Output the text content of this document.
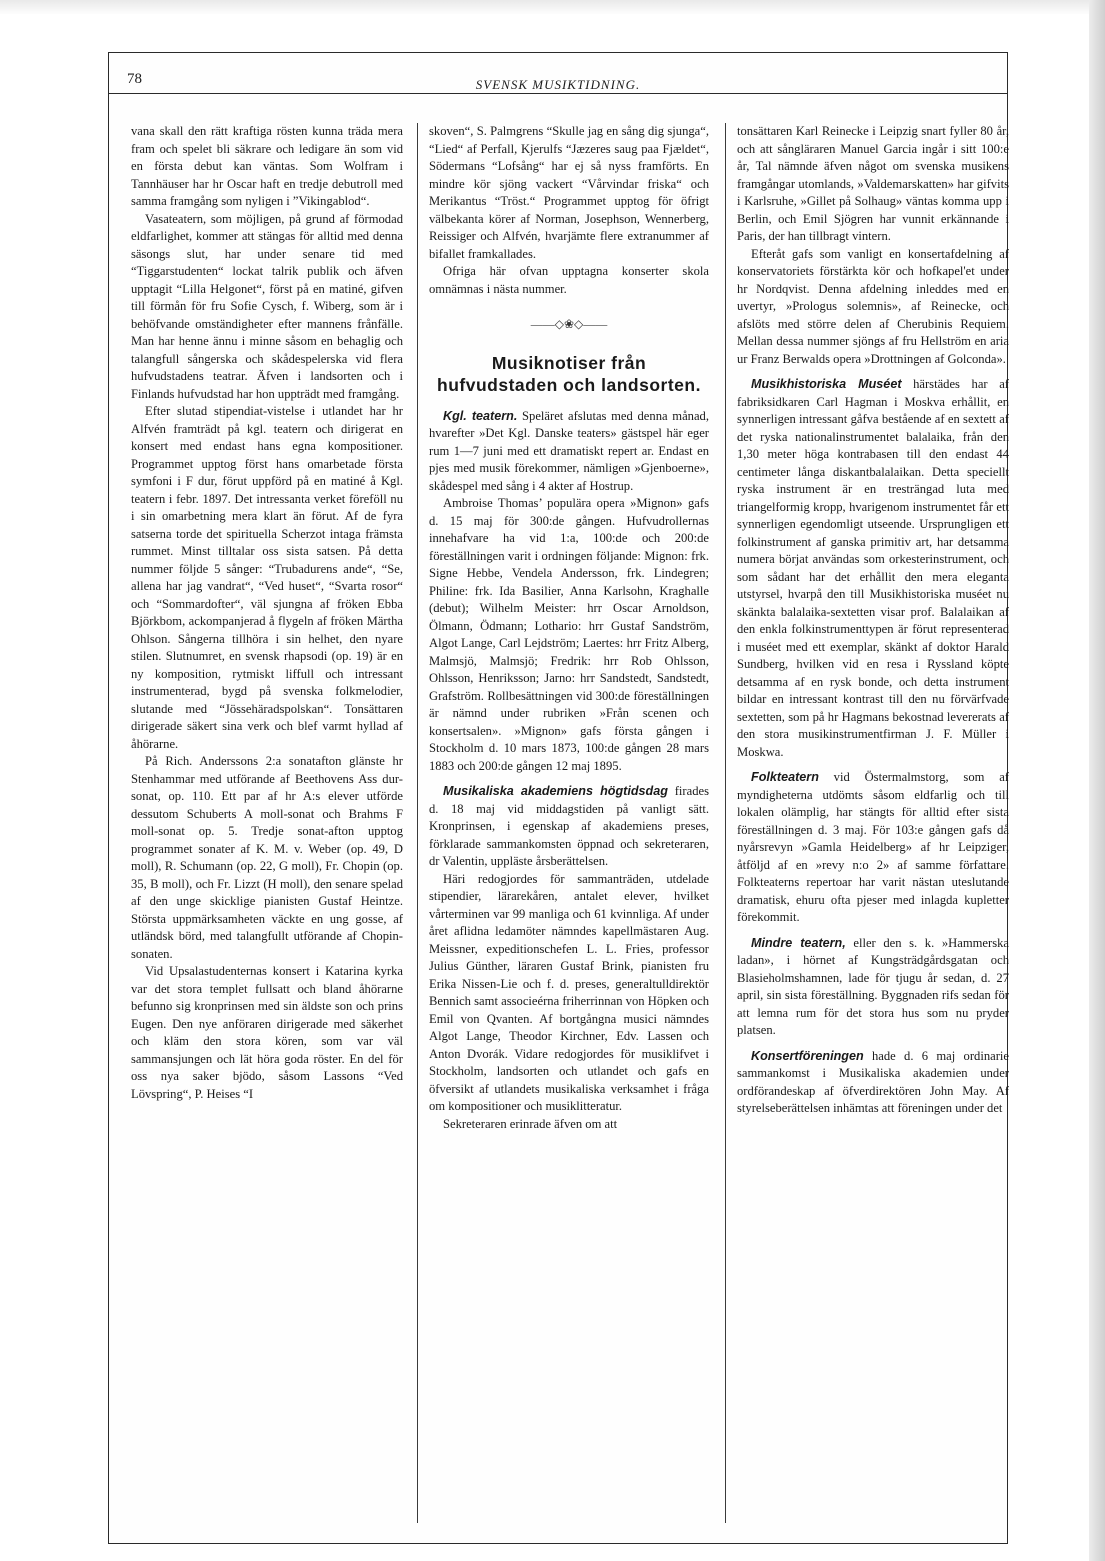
78	SVENSK MUSIKTIDNING.

vana skall den rätt kraftiga rösten kunna träda mera fram och spelet bli säkrare och ledigare än som vid en första debut kan väntas. Som Wolfram i Tannhäuser har hr Oscar haft en tredje debutroll med samma framgång som nyligen i ”Vikingablod“.

Vasateatern, som möjligen, på grund af förmodad eldfarlighet, kommer att stängas för alltid med denna säsongs slut, har under senare tid med “Tiggarstudenten“ lockat talrik publik och äfven upptagit “Lilla Helgonet“, först på en matiné, gifven till förmån för fru Sofie Cysch, f. Wiberg, som är i behöfvande omständigheter efter mannens frånfälle. Man har henne ännu i minne såsom en behaglig och talangfull sångerska och skådespelerska vid flera hufvudstadens teatrar. Äfven i landsorten och i Finlands hufvudstad har hon uppträdt med framgång.

Efter slutad stipendiat-vistelse i utlandet har hr Alfvén framträdt på kgl. teatern och dirigerat en konsert med endast hans egna kompositioner. Programmet upptog först hans omarbetade första symfoni i F dur, förut uppförd på en matiné å Kgl. teatern i febr. 1897. Det intressanta verket föreföll nu i sin omarbetning mera klart än förut. Af de fyra satserna torde det spirituella Scherzot intaga främsta rummet. Minst tilltalar oss sista satsen. På detta nummer följde 5 sånger: “Trubadurens ande“, “Se, allena har jag vandrat“, “Ved huset“, “Svarta rosor“ och “Sommardofter“, väl sjungna af fröken Ebba Björkbom, ackompanjerad å flygeln af fröken Märtha Ohlson. Sångerna tillhöra i sin helhet, den nyare stilen. Slutnumret, en svensk rhapsodi (op. 19) är en ny komposition, rytmiskt liffull och intressant instrumenterad, bygd på svenska folkmelodier, slutande med “Jössehäradspolskan“. Tonsättaren dirigerade säkert sina verk och blef varmt hyllad af åhörarne.

På Rich. Anderssons 2:a sonatafton glänste hr Stenhammar med utförande af Beethovens Ass dur-sonat, op. 110. Ett par af hr A:s elever utförde dessutom Schuberts A moll-sonat och Brahms F moll-sonat op. 5. Tredje sonat-afton upptog programmet sonater af K. M. v. Weber (op. 49, D moll), R. Schumann (op. 22, G moll), Fr. Chopin (op. 35, B moll), och Fr. Lizzt (H moll), den senare spelad af den unge skicklige pianisten Gustaf Heintze. Största uppmärksamheten väckte en ung gosse, af utländsk börd, med talangfullt utförande af Chopin-sonaten.

Vid Upsalastudenternas konsert i Katarina kyrka var det stora templet fullsatt och bland åhörarne befunno sig kronprinsen med sin äldste son och prins Eugen. Den nye anföraren dirigerade med säkerhet och kläm den stora kören, som var väl sammansjungen och lät höra goda röster. En del för oss nya saker bjödo, såsom Lassons “Ved Lövspring“, P. Heises “I

skoven“, S. Palmgrens “Skulle jag en sång dig sjunga“, “Lied“ af Perfall, Kjerulfs “Jæzeres saug paa Fjældet“, Södermans “Lofsång“ har ej så nyss framförts. En mindre kör sjöng vackert “Vårvindar friska“ och Merikantus “Tröst.“ Programmet upptog för öfrigt välbekanta körer af Norman, Josephson, Wennerberg, Reissiger och Alfvén, hvarjämte flere extranummer af bifallet framkallades.

Ofriga här ofvan upptagna konserter skola omnämnas i nästa nummer.

——◇❀◇——
Musiknotiser från hufvudstaden och landsorten.

Kgl. teatern. Speläret afslutas med denna månad, hvarefter »Det Kgl. Danske teaters» gästspel här eger rum 1—7 juni med ett dramatiskt repert ar. Endast en pjes med musik förekommer, nämligen »Gjenboerne», skådespel med sång i 4 akter af Hostrup.

Ambroise Thomas’ populära opera »Mignon» gafs d. 15 maj för 300:de gången. Hufvudrollernas innehafvare ha vid 1:a, 100:de och 200:de föreställningen varit i ordningen följande: Mignon: frk. Signe Hebbe, Vendela Andersson, frk. Lindegren; Philine: frk. Ida Basilier, Anna Karlsohn, Kraghalle (debut); Wilhelm Meister: hrr Oscar Arnoldson, Ölmann, Ödmann; Lothario: hrr Gustaf Sandström, Algot Lange, Carl Lejdström; Laertes: hrr Fritz Alberg, Malmsjö, Malmsjö; Fredrik: hrr Rob Ohlsson, Ohlsson, Henriksson; Jarno: hrr Sandstedt, Sandstedt, Grafström. Rollbesättningen vid 300:de föreställningen är nämnd under rubriken »Från scenen och konsertsalen». »Mignon» gafs första gången i Stockholm d. 10 mars 1873, 100:de gången 28 mars 1883 och 200:de gången 12 maj 1895.

Musikaliska akademiens högtidsdag firades d. 18 maj vid middagstiden på vanligt sätt. Kronprinsen, i egenskap af akademiens preses, förklarade sammankomsten öppnad och sekreteraren, dr Valentin, uppläste årsberättelsen.

Häri redogjordes för sammanträden, utdelade stipendier, lärarekåren, antalet elever, hvilket vårterminen var 99 manliga och 61 kvinnliga. Af under året aflidna ledamöter nämndes kapellmästaren Aug. Meissner, expeditionschefen L. L. Fries, professor Julius Günther, läraren Gustaf Brink, pianisten fru Erika Nissen-Lie och f. d. preses, generaltulldirektör Bennich samt associeérna friherrinnan von Höpken och Emil von Qvanten. Af bortgångna musici nämndes Algot Lange, Theodor Kirchner, Edv. Lassen och Anton Dvorák. Vidare redogjordes för musiklifvet i Stockholm, landsorten och utlandet och gafs en öfversikt af utlandets musikaliska verksamhet i fråga om kompositioner och musiklitteratur.

Sekreteraren erinrade äfven om att

tonsättaren Karl Reinecke i Leipzig snart fyller 80 år, och att sångläraren Manuel Garcia ingår i sitt 100:e år, Tal nämnde äfven något om svenska musikens framgångar utomlands, »Valdemarskatten» har gifvits i Karlsruhe, »Gillet på Solhaug» väntas komma upp i Berlin, och Emil Sjögren har vunnit erkännande i Paris, der han tillbragt vintern.

Efteråt gafs som vanligt en konsertafdelning af konservatoriets förstärkta kör och hofkapel'et under hr Nordqvist. Denna afdelning inleddes med en uvertyr, »Prologus solemnis», af Reinecke, och afslöts med större delen af Cherubinis Requiem. Mellan dessa nummer sjöngs af fru Hellström en aria ur Franz Berwalds opera »Drottningen af Golconda».

Musikhistoriska Muséet härstädes har af fabriksidkaren Carl Hagman i Moskva erhållit, en synnerligen intressant gåfva bestående af en sextett af det ryska nationalinstrumentet balalaika, från den 1,30 meter höga kontrabasen till den endast 44 centimeter långa diskantbalalaikan. Detta speciellt ryska instrument är en tresträngad luta med triangelformig kropp, hvarigenom instrumentet får ett synnerligen egendomligt utseende. Ursprungligen ett folkinstrument af ganska primitiv art, har detsamma numera börjat användas som orkesterinstrument, och som sådant har det erhållit den mera eleganta utstyrsel, hvarpå den till Musikhistoriska muséet nu skänkta balalaika-sextetten visar prof. Balalaikan af den enkla folkinstrumenttypen är förut representerad i muséet med ett exemplar, skänkt af doktor Harald Sundberg, hvilken vid en resa i Ryssland köpte detsamma af en rysk bonde, och detta instrument bildar en intressant kontrast till den nu förvärfvade sextetten, som på hr Hagmans bekostnad levererats af den stora musikinstrumentfirman J. F. Müller i Moskwa.

Folkteatern vid Östermalmstorg, som af myndigheterna utdömts såsom eldfarlig och till lokalen olämplig, har stängts för alltid efter sista föreställningen d. 3 maj. För 103:e gången gafs då nyårsrevyn »Gamla Heidelberg» af hr Leipziger, åtföljd af en »revy n:o 2» af samme författare. Folkteaterns repertoar har varit nästan uteslutande dramatisk, ehuru ofta pjeser med inlagda kupletter förekommit.

Mindre teatern, eller den s. k. »Hammerska ladan», i hörnet af Kungsträdgårdsgatan och Blasieholmshamnen, lade för tjugu år sedan, d. 27 april, sin sista föreställning. Byggnaden rifs sedan för att lemna rum för det stora hus som nu pryder platsen.

Konsertföreningen hade d. 6 maj ordinarie sammankomst i Musikaliska akademien under ordförandeskap af öfverdirektören John May. Af styrelseberättelsen inhämtas att föreningen under det
